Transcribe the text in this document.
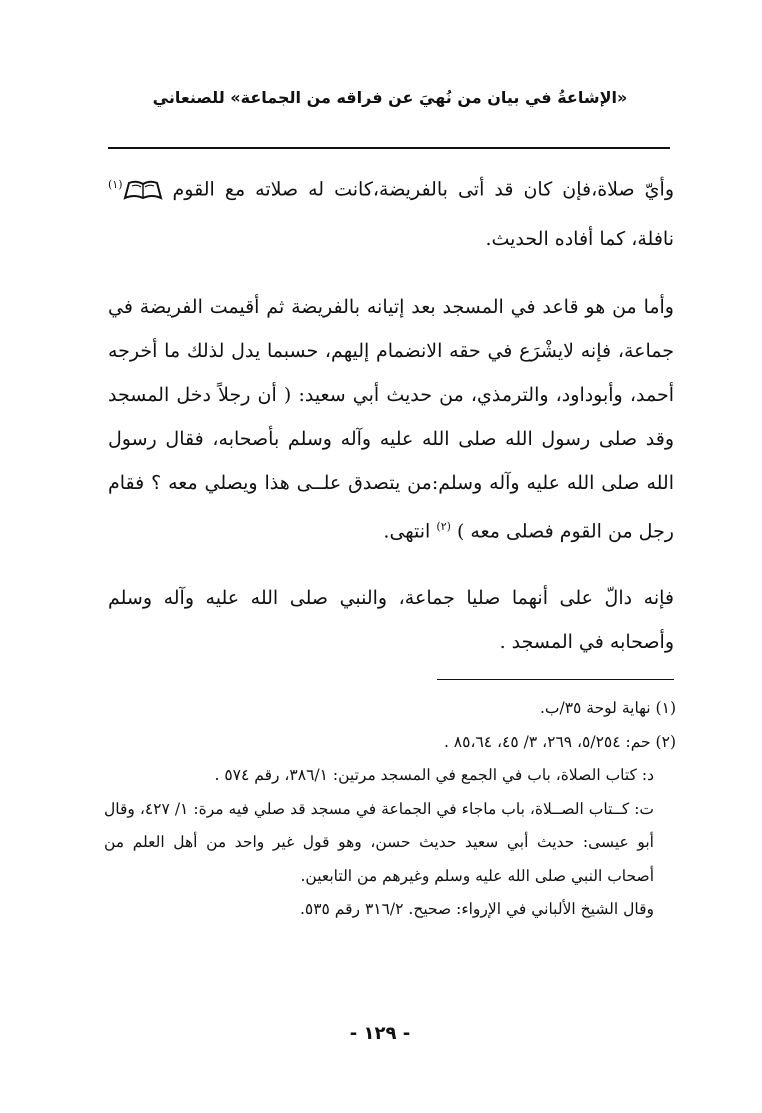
«الإشاعةُ في بيان من نُهيَ عن فراقه من الجماعة» للصنعاني

وأيّ صلاة،فإن كان قد أتى بالفريضة،كانت له صلاته مع القوم $^{(١)}$ نافلة، كما أفاده الحديث.

وأما من هو قاعد في المسجد بعد إتيانه بالفريضة ثم أقيمت الفريضة في جماعة، فإنه لايشْرَع في حقه الانضمام إليهم، حسبما يدل لذلك ما أخرجه أحمد، وأبوداود، والترمذي، من حديث أبي سعيد: ( أن رجلاً دخل المسجد وقد صلى رسول الله صلى الله عليه وآله وسلم بأصحابه، فقال رسول الله صلى الله عليه وآله وسلم:من يتصدق علــى هذا ويصلي معه ؟ فقام رجل من القوم فصلى معه ) $^{(٢)}$ انتهى.

فإنه دالّ على أنهما صليا جماعة، والنبي صلى الله عليه وآله وسلم وأصحابه في المسجد .

(١) نهاية لوحة ٣٥/ب.

(٢) حم: ٥/٢٥٤، ٢٦٩، ٣/ ٤٥، ٨٥،٦٤ .

د: كتاب الصلاة، باب في الجمع في المسجد مرتين: ٣٨٦/١، رقم ٥٧٤ .

ت: كــتاب الصــلاة، باب ماجاء في الجماعة في مسجد قد صلي فيه مرة: ١/ ٤٢٧، وقال أبو عيسى: حديث أبي سعيد حديث حسن، وهو قول غير واحد من أهل العلم من أصحاب النبي صلى الله عليه وسلم وغيرهم من التابعين.

وقال الشيخ الألباني في الإرواء: صحيح. ٣١٦/٢ رقم ٥٣٥.

- ١٢٩ -
